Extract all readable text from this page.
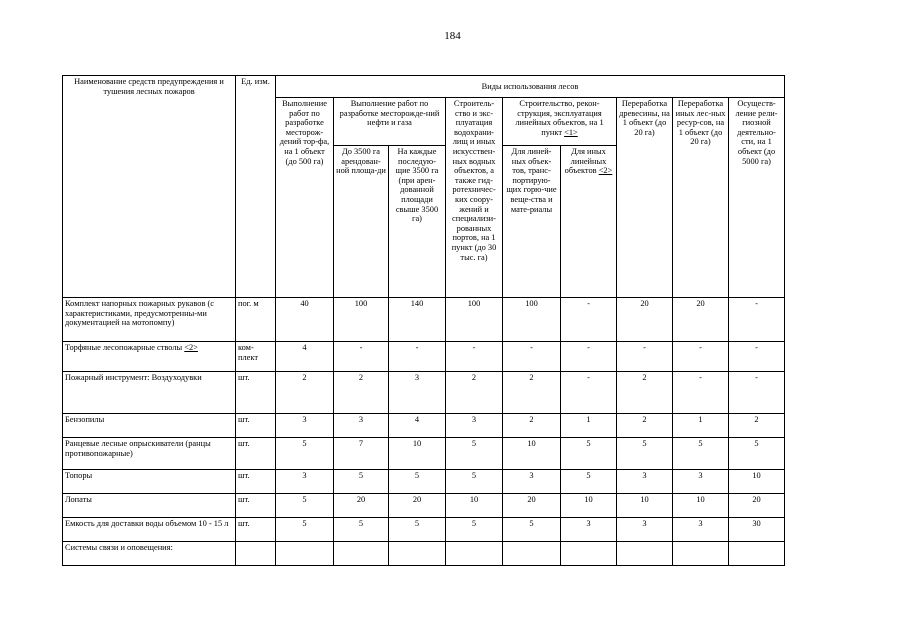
184
Наименование средств предупреждения и тушения лесных пожаров	Ед. изм.	Виды использования лесов								
		Выполнение работ по разработке месторож-дений тор-фа, на 1 объект (до 500 га)	Выполнение работ по разработке месторожде-ний нефти и газа		Строитель-ство и экс-плуатация водохрани-лищ и иных искусствен-ных водных объектов, а также гид-ротехничес-ких соору-жений и специализи-рованных портов, на 1 пункт (до 30 тыс. га)	Строительство, рекон-струкция, эксплуатация линейных объектов, на 1 пункт <1>		Переработка древесины, на 1 объект (до 20 га)	Переработка иных лес-ных ресур-сов, на 1 объект (до 20 га)	Осуществ-ление рели-гиозной деятельно-сти, на 1 объект (до 5000 га)
			До 3500 га арендован-ной площа-ди	На каждые последую-щие 3500 га (при арен-дованной площади свыше 3500 га)		Для линей-ных объек-тов, транс-портирую-щих горю-чие веще-ства и мате-риалы	Для иных линейных объектов <2>			
Комплект напорных пожарных рукавов (с характеристиками, предусмотренны-ми документацией на мотопомпу)	пог. м	40	100	140	100	100	-	20	20	-
Торфяные лесопожарные стволы <2>	ком-плект	4	-	-	-	-	-	-	-	-
Пожарный инструмент: Воздуходувки	шт.	2	2	3	2	2	-	2	-	-
Бензопилы	шт.	3	3	4	3	2	1	2	1	2
Ранцевые лесные опрыскиватели (ранцы противопожарные)	шт.	5	7	10	5	10	5	5	5	5
Топоры	шт.	3	5	5	5	3	5	3	3	10
Лопаты	шт.	5	20	20	10	20	10	10	10	20
Емкость для доставки воды объемом 10 - 15 л	шт.	5	5	5	5	5	3	3	3	30
Системы связи и оповещения:										
